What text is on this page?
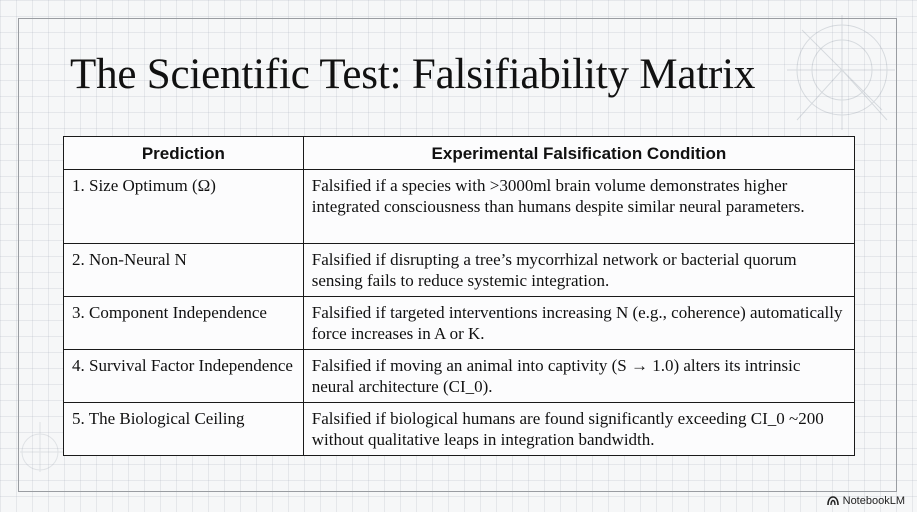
The Scientific Test: Falsifiability Matrix
Prediction	Experimental Falsification Condition
1. Size Optimum (Ω)	Falsified if a species with >3000ml brain volume demonstrates higher integrated consciousness than humans despite similar neural parameters.
2. Non-Neural N	Falsified if disrupting a tree’s mycorrhizal network or bacterial quorum sensing fails to reduce systemic integration.
3. Component Independence	Falsified if targeted interventions increasing N (e.g., coherence) automatically force increases in A or K.
4. Survival Factor Independence	Falsified if moving an animal into captivity (S → 1.0) alters its intrinsic neural architecture (CI_0).
5. The Biological Ceiling	Falsified if biological humans are found significantly exceeding CI_0 ~200 without qualitative leaps in integration bandwidth.
NotebookLM
